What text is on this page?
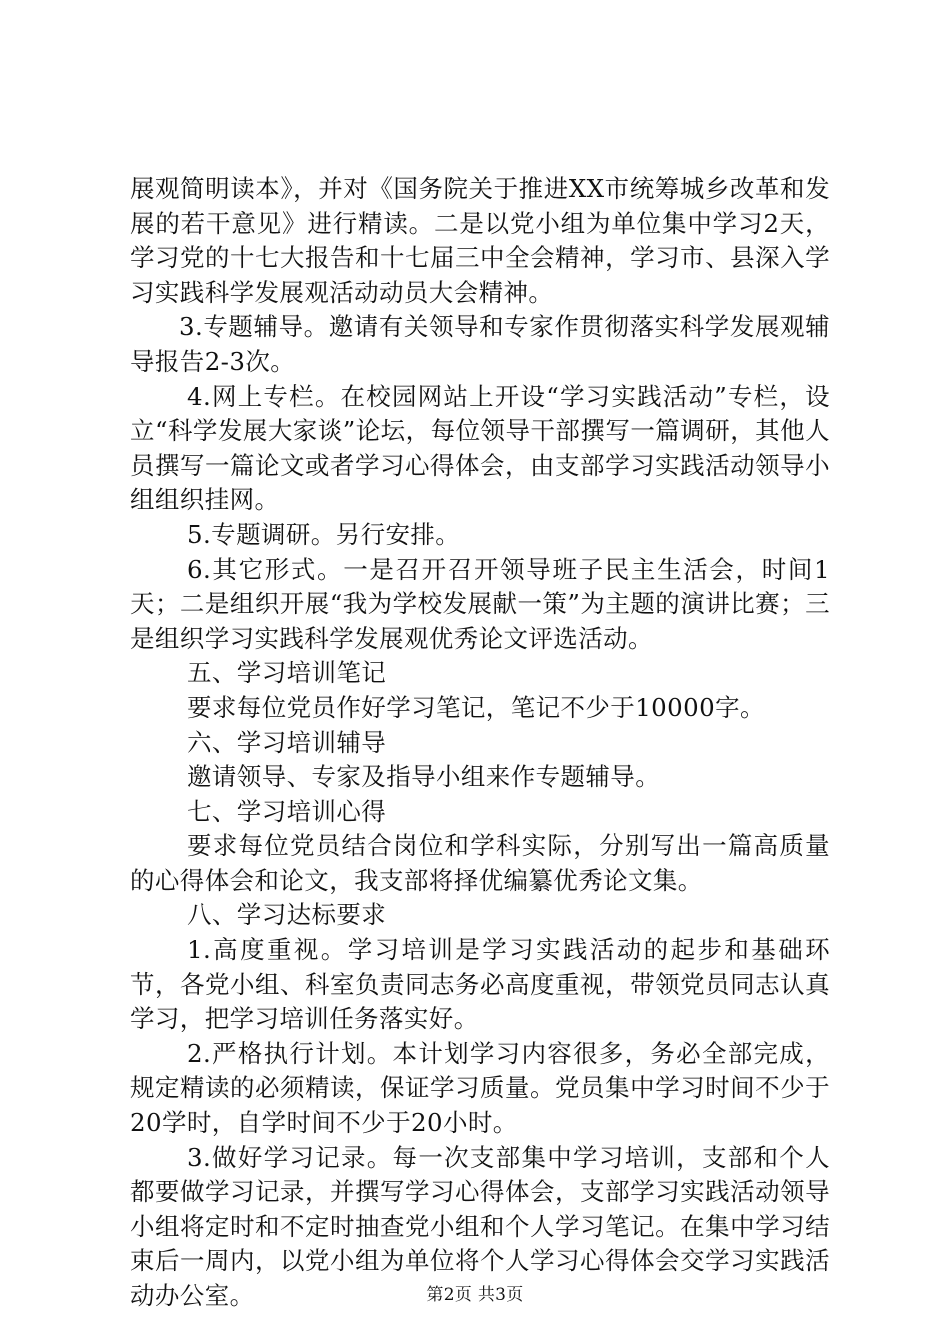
展观简明读本》，并对《国务院关于推进XX市统筹城乡改革和发展的若干意见》进行精读。二是以党小组为单位集中学习2天，学习党的十七大报告和十七届三中全会精神，学习市、县深入学习实践科学发展观活动动员大会精神。

3.专题辅导。邀请有关领导和专家作贯彻落实科学发展观辅导报告2-3次。

4.网上专栏。在校园网站上开设“学习实践活动”专栏，设立“科学发展大家谈”论坛，每位领导干部撰写一篇调研，其他人员撰写一篇论文或者学习心得体会，由支部学习实践活动领导小组组织挂网。

5.专题调研。另行安排。

6.其它形式。一是召开召开领导班子民主生活会，时间1天；二是组织开展“我为学校发展献一策”为主题的演讲比赛；三是组织学习实践科学发展观优秀论文评选活动。

五、学习培训笔记

要求每位党员作好学习笔记，笔记不少于10000字。

六、学习培训辅导

邀请领导、专家及指导小组来作专题辅导。

七、学习培训心得

要求每位党员结合岗位和学科实际，分别写出一篇高质量的心得体会和论文，我支部将择优编纂优秀论文集。

八、学习达标要求

1.高度重视。学习培训是学习实践活动的起步和基础环节，各党小组、科室负责同志务必高度重视，带领党员同志认真学习，把学习培训任务落实好。

2.严格执行计划。本计划学习内容很多，务必全部完成，规定精读的必须精读，保证学习质量。党员集中学习时间不少于20学时，自学时间不少于20小时。

3.做好学习记录。每一次支部集中学习培训，支部和个人都要做学习记录，并撰写学习心得体会，支部学习实践活动领导小组将定时和不定时抽查党小组和个人学习笔记。在集中学习结束后一周内，以党小组为单位将个人学习心得体会交学习实践活动办公室。	第2页 共3页
